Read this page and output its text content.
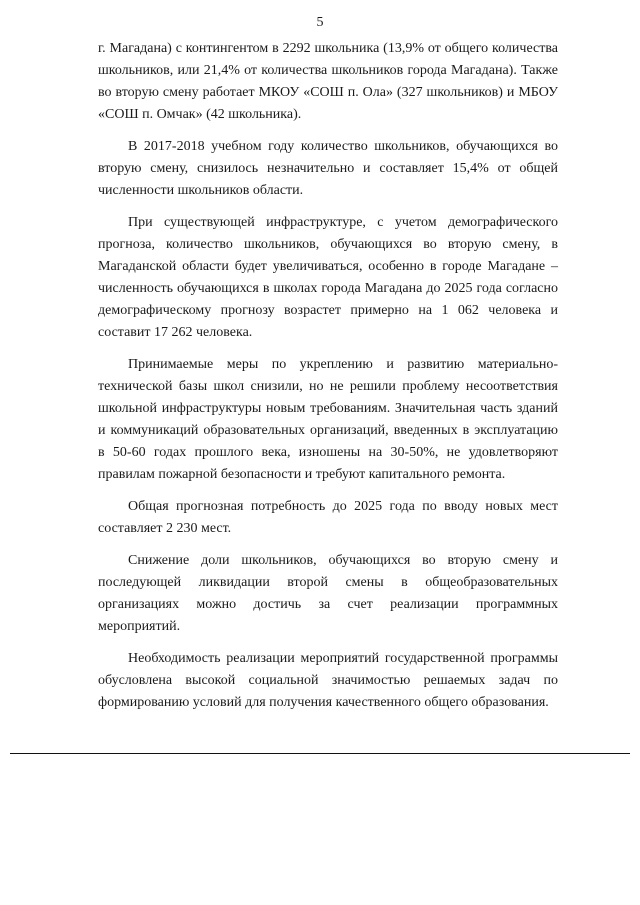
5

г. Магадана) с контингентом в 2292 школьника (13,9% от общего количества школьников, или 21,4% от количества школьников города Магадана). Также во вторую смену работает МКОУ «СОШ п. Ола» (327 школьников) и МБОУ «СОШ п. Омчак» (42 школьника).

В 2017-2018 учебном году количество школьников, обучающихся во вторую смену, снизилось незначительно и составляет 15,4% от общей численности школьников области.

При существующей инфраструктуре, с учетом демографического прогноза, количество школьников, обучающихся во вторую смену, в Магаданской области будет увеличиваться, особенно в городе Магадане – численность обучающихся в школах города Магадана до 2025 года согласно демографическому прогнозу возрастет примерно на 1 062 человека и составит 17 262 человека.

Принимаемые меры по укреплению и развитию материально-технической базы школ снизили, но не решили проблему несоответствия школьной инфраструктуры новым требованиям. Значительная часть зданий и коммуникаций образовательных организаций, введенных в эксплуатацию в 50-60 годах прошлого века, изношены на 30-50%, не удовлетворяют правилам пожарной безопасности и требуют капитального ремонта.

Общая прогнозная потребность до 2025 года по вводу новых мест составляет 2 230 мест.

Снижение доли школьников, обучающихся во вторую смену и последующей ликвидации второй смены в общеобразовательных организациях можно достичь за счет реализации программных мероприятий.

Необходимость реализации мероприятий государственной программы обусловлена высокой социальной значимостью решаемых задач по формированию условий для получения качественного общего образования.
